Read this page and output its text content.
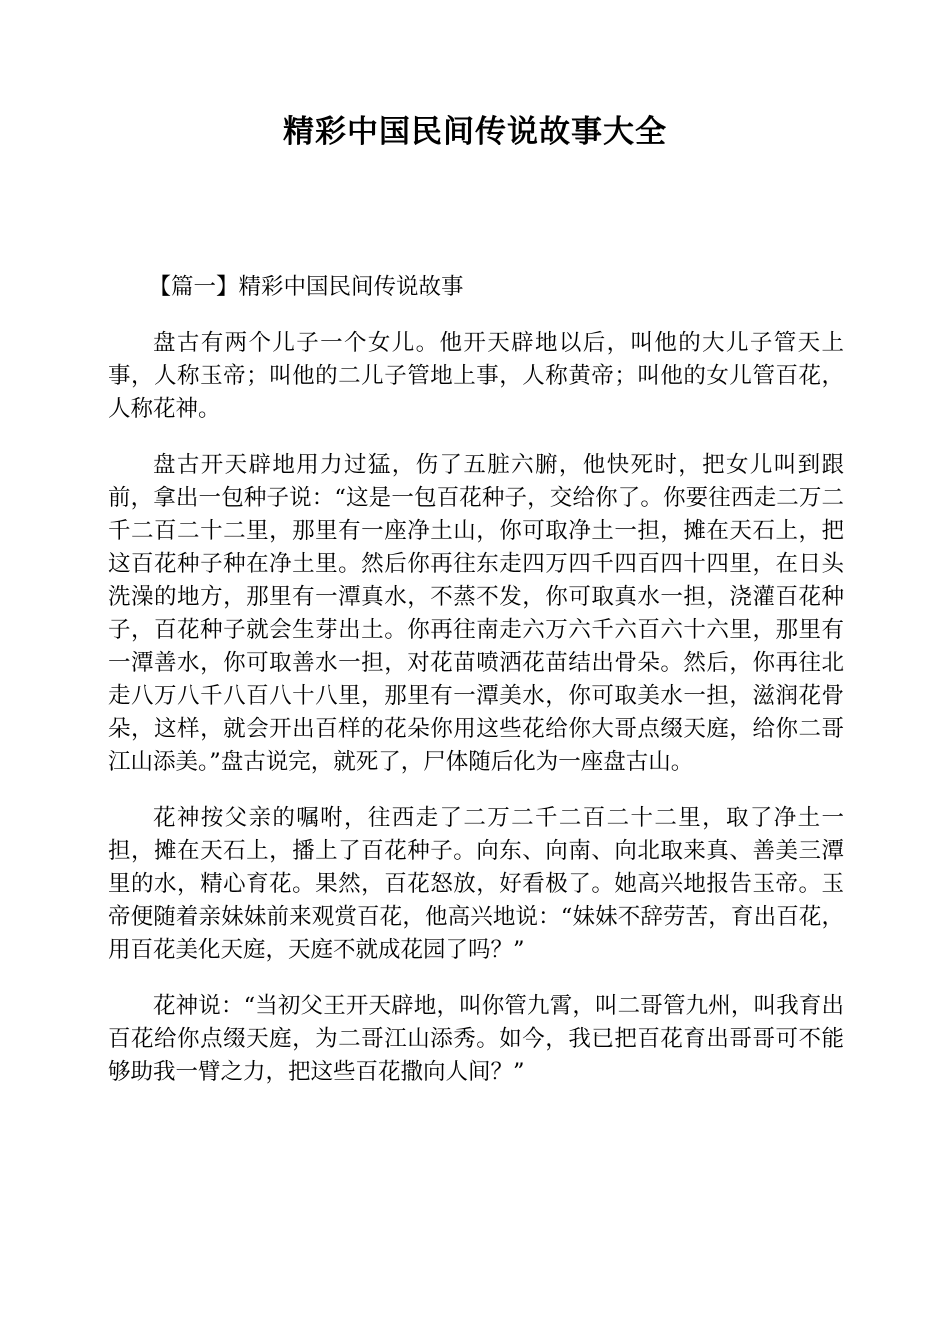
精彩中国民间传说故事大全

【篇一】精彩中国民间传说故事

盘古有两个儿子一个女儿。他开天辟地以后，叫他的大儿子管天上事，人称玉帝；叫他的二儿子管地上事，人称黄帝；叫他的女儿管百花，人称花神。

盘古开天辟地用力过猛，伤了五脏六腑，他快死时，把女儿叫到跟前，拿出一包种子说：“这是一包百花种子，交给你了。你要往西走二万二千二百二十二里，那里有一座净土山，你可取净土一担，摊在天石上，把这百花种子种在净土里。然后你再往东走四万四千四百四十四里，在日头洗澡的地方，那里有一潭真水，不蒸不发，你可取真水一担，浇灌百花种子，百花种子就会生芽出土。你再往南走六万六千六百六十六里，那里有一潭善水，你可取善水一担，对花苗喷洒花苗结出骨朵。然后，你再往北走八万八千八百八十八里，那里有一潭美水，你可取美水一担，滋润花骨朵，这样，就会开出百样的花朵你用这些花给你大哥点缀天庭，给你二哥江山添美。”盘古说完，就死了，尸体随后化为一座盘古山。

花神按父亲的嘱咐，往西走了二万二千二百二十二里，取了净土一担，摊在天石上，播上了百花种子。向东、向南、向北取来真、善美三潭里的水，精心育花。果然，百花怒放，好看极了。她高兴地报告玉帝。玉帝便随着亲妹妹前来观赏百花，他高兴地说：“妹妹不辞劳苦，育出百花，用百花美化天庭，天庭不就成花园了吗？”

花神说：“当初父王开天辟地，叫你管九霄，叫二哥管九州，叫我育出百花给你点缀天庭，为二哥江山添秀。如今，我已把百花育出哥哥可不能够助我一臂之力，把这些百花撒向人间？”
